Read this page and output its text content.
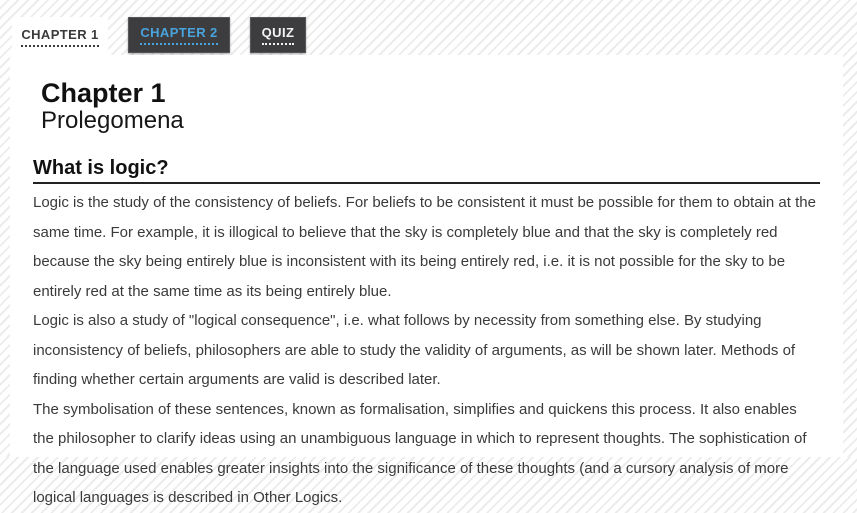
CHAPTER 1	CHAPTER 2	QUIZ
Chapter 1
Prolegomena
What is logic?

Logic is the study of the consistency of beliefs. For beliefs to be consistent it must be possible for them to obtain at the same time. For example, it is illogical to believe that the sky is completely blue and that the sky is completely red because the sky being entirely blue is inconsistent with its being entirely red, i.e. it is not possible for the sky to be entirely red at the same time as its being entirely blue.

Logic is also a study of "logical consequence", i.e. what follows by necessity from something else. By studying inconsistency of beliefs, philosophers are able to study the validity of arguments, as will be shown later. Methods of finding whether certain arguments are valid is described later.

The symbolisation of these sentences, known as formalisation, simplifies and quickens this process. It also enables the philosopher to clarify ideas using an unambiguous language in which to represent thoughts. The sophistication of the language used enables greater insights into the significance of these thoughts (and a cursory analysis of more logical languages is described in Other Logics.
